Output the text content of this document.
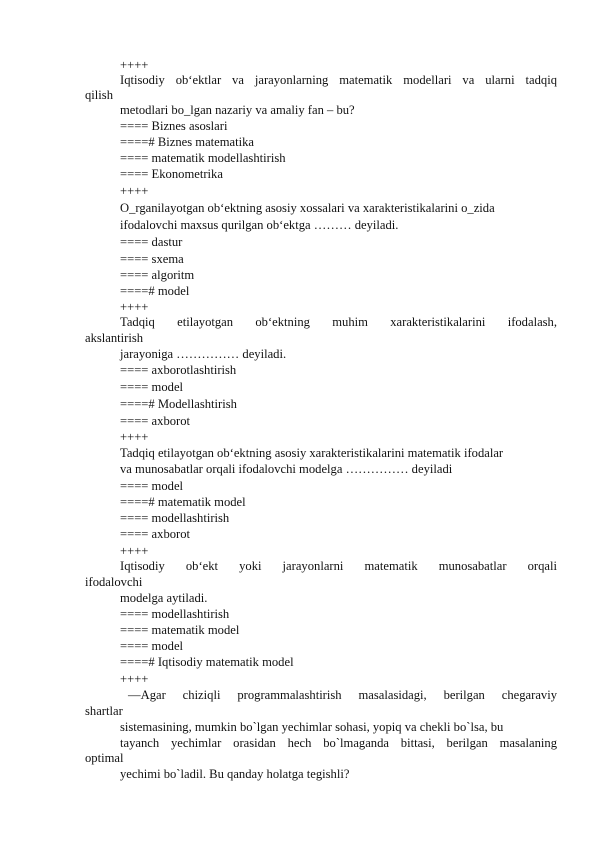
++++
Iqtisodiy ob‘ektlar va jarayonlarning matematik modellari va ularni tadqiq
qilish
metodlari bo_lgan nazariy va amaliy fan – bu?
==== Biznes asoslari
====# Biznes matematika
==== matematik modellashtirish
==== Ekonometrika
++++
O_rganilayotgan ob‘ektning asosiy xossalari va xarakteristikalarini o_zida
ifodalovchi maxsus qurilgan ob‘ektga ……… deyiladi.
==== dastur
==== sxema
==== algoritm
====# model
++++
Tadqiq etilayotgan ob‘ektning muhim xarakteristikalarini ifodalash,
akslantirish
jarayoniga …………… deyiladi.
==== axborotlashtirish
==== model
====# Modellashtirish
==== axborot
++++
Tadqiq etilayotgan ob‘ektning asosiy xarakteristikalarini matematik ifodalar
va munosabatlar orqali ifodalovchi modelga …………… deyiladi
==== model
====# matematik model
==== modellashtirish
==== axborot
++++
Iqtisodiy ob‘ekt yoki jarayonlarni matematik munosabatlar orqali
ifodalovchi
modelga aytiladi.
==== modellashtirish
==== matematik model
==== model
====# Iqtisodiy matematik model
++++
―Agar chiziqli programmalashtirish masalasidagi, berilgan chegaraviy
shartlar
sistemasining, mumkin bo`lgan yechimlar sohasi, yopiq va chekli bo`lsa, bu
tayanch yechimlar orasidan hech bo`lmaganda bittasi, berilgan masalaning
optimal
yechimi bo`ladil. Bu qanday holatga tegishli?
